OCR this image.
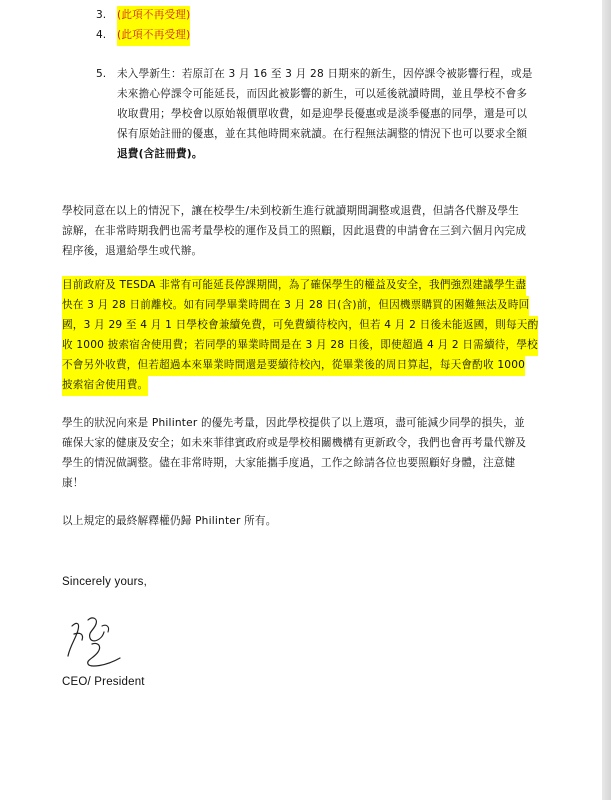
3. (此項不再受理)
4. (此項不再受理)
5. 未入學新生：若原訂在 3 月 16 至 3 月 28 日期來的新生，因停課令被影響行程，或是
未來擔心停課令可能延長，而因此被影響的新生，可以延後就讀時間，並且學校不會多
收取費用；學校會以原始報價單收費，如是迎學長優惠或是淡季優惠的同學，還是可以
保有原始註冊的優惠，並在其他時間來就讀。在行程無法調整的情況下也可以要求全額
退費(含註冊費)。
學校同意在以上的情況下，讓在校學生/未到校新生進行就讀期間調整或退費，但請各代辦及學生
諒解，在非常時期我們也需考量學校的運作及員工的照顧，因此退費的申請會在三到六個月內完成
程序後，退還給學生或代辦。
目前政府及 TESDA 非常有可能延長停課期間，為了確保學生的權益及安全，我們強烈建議學生盡
快在 3 月 28 日前離校。如有同學畢業時間在 3 月 28 日(含)前，但因機票購買的困難無法及時回
國，3 月 29 至 4 月 1 日學校會兼續免費，可免費續待校內，但若 4 月 2 日後未能返國，則每天酌
收 1000 披索宿舍使用費；若同學的畢業時間是在 3 月 28 日後，即使超過 4 月 2 日需續待，學校
不會另外收費，但若超過本來畢業時間還是要續待校內，從畢業後的周日算起，每天會酌收 1000
披索宿舍使用費。
學生的狀況向來是 Philinter 的優先考量，因此學校提供了以上選項，盡可能減少同學的損失，並
確保大家的健康及安全；如未來菲律賓政府或是學校相關機構有更新政令，我們也會再考量代辦及
學生的情況做調整。儘在非常時期，大家能攜手度過，工作之餘請各位也要照顧好身體，注意健
康！
以上規定的最終解釋權仍歸 Philinter 所有。
Sincerely yours,
CEO/ President
